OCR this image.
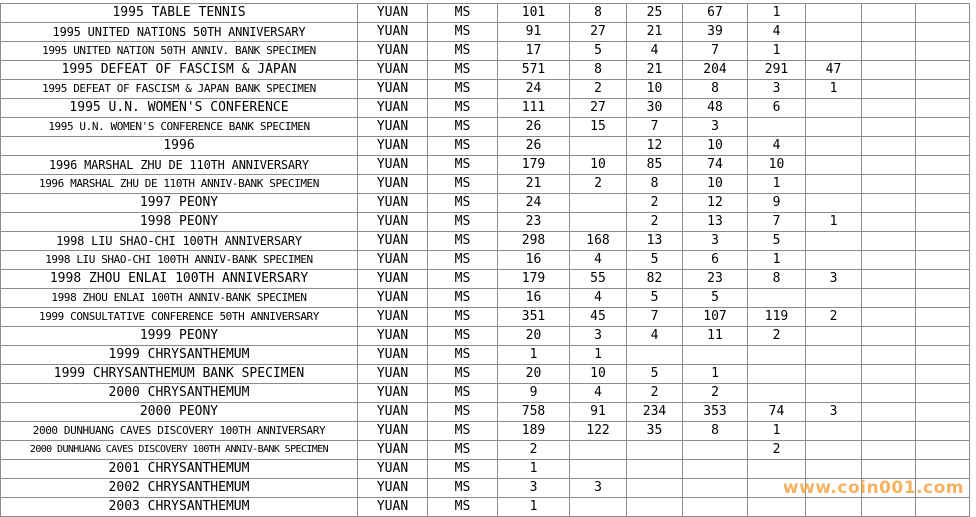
1995 TABLE TENNIS	YUAN	MS	101	8	25	67	1			
1995 UNITED NATIONS 50TH ANNIVERSARY	YUAN	MS	91	27	21	39	4			
1995 UNITED NATION 50TH ANNIV. BANK SPECIMEN	YUAN	MS	17	5	4	7	1			
1995 DEFEAT OF FASCISM & JAPAN	YUAN	MS	571	8	21	204	291	47		
1995 DEFEAT OF FASCISM & JAPAN BANK SPECIMEN	YUAN	MS	24	2	10	8	3	1		
1995 U.N. WOMEN'S CONFERENCE	YUAN	MS	111	27	30	48	6			
1995 U.N. WOMEN'S CONFERENCE BANK SPECIMEN	YUAN	MS	26	15	7	3				
1996	YUAN	MS	26		12	10	4			
1996 MARSHAL ZHU DE 110TH ANNIVERSARY	YUAN	MS	179	10	85	74	10			
1996 MARSHAL ZHU DE 110TH ANNIV-BANK SPECIMEN	YUAN	MS	21	2	8	10	1			
1997 PEONY	YUAN	MS	24		2	12	9			
1998 PEONY	YUAN	MS	23		2	13	7	1		
1998 LIU SHAO-CHI 100TH ANNIVERSARY	YUAN	MS	298	168	13	3	5			
1998 LIU SHAO-CHI 100TH ANNIV-BANK SPECIMEN	YUAN	MS	16	4	5	6	1			
1998 ZHOU ENLAI 100TH ANNIVERSARY	YUAN	MS	179	55	82	23	8	3		
1998 ZHOU ENLAI 100TH ANNIV-BANK SPECIMEN	YUAN	MS	16	4	5	5				
1999 CONSULTATIVE CONFERENCE 50TH ANNIVERSARY	YUAN	MS	351	45	7	107	119	2		
1999 PEONY	YUAN	MS	20	3	4	11	2			
1999 CHRYSANTHEMUM	YUAN	MS	1	1						
1999 CHRYSANTHEMUM BANK SPECIMEN	YUAN	MS	20	10	5	1				
2000 CHRYSANTHEMUM	YUAN	MS	9	4	2	2				
2000 PEONY	YUAN	MS	758	91	234	353	74	3		
2000 DUNHUANG CAVES DISCOVERY 100TH ANNIVERSARY	YUAN	MS	189	122	35	8	1			
2000 DUNHUANG CAVES DISCOVERY 100TH ANNIV-BANK SPECIMEN	YUAN	MS	2				2			
2001 CHRYSANTHEMUM	YUAN	MS	1							
2002 CHRYSANTHEMUM	YUAN	MS	3	3						
2003 CHRYSANTHEMUM	YUAN	MS	1							
www.coin001.com
